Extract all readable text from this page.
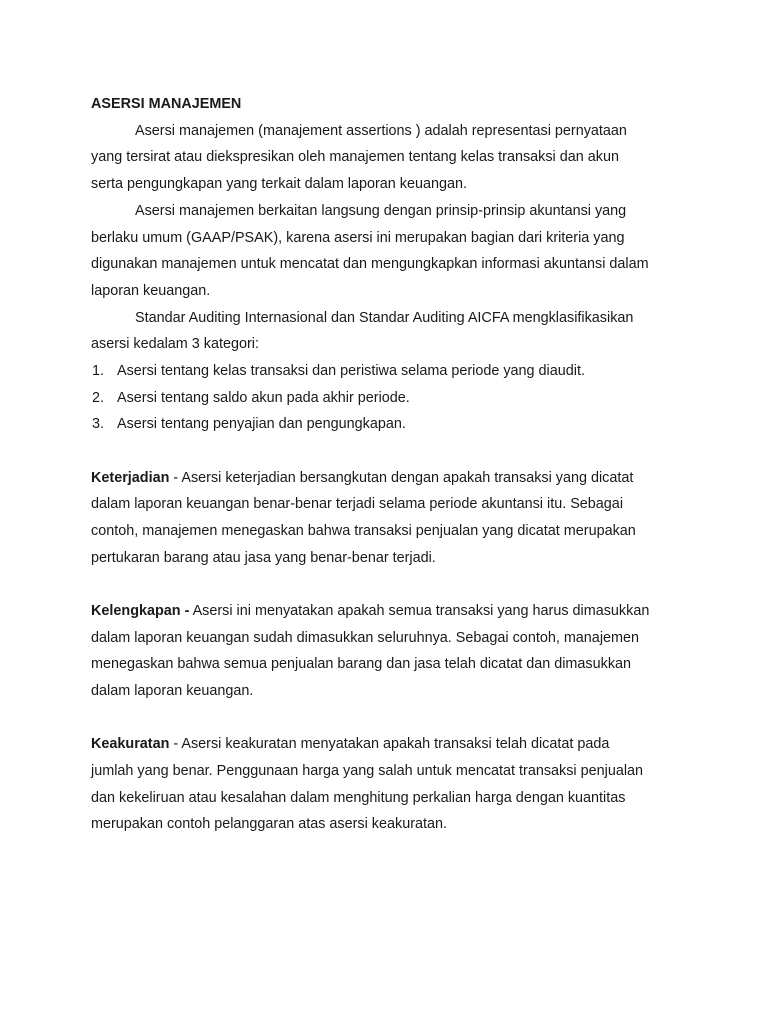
ASERSI MANAJEMEN
Asersi manajemen (manajement assertions ) adalah representasi pernyataan
yang tersirat atau diekspresikan oleh manajemen tentang kelas transaksi dan akun
serta pengungkapan yang terkait dalam laporan keuangan.
Asersi manajemen berkaitan langsung dengan prinsip-prinsip akuntansi yang
berlaku umum (GAAP/PSAK), karena asersi ini merupakan bagian dari kriteria yang
digunakan manajemen untuk mencatat dan mengungkapkan informasi akuntansi dalam
laporan keuangan.
Standar Auditing Internasional dan Standar Auditing AICFA mengklasifikasikan
asersi kedalam 3 kategori:
1. Asersi tentang kelas transaksi dan peristiwa selama periode yang diaudit.
2. Asersi tentang saldo akun pada akhir periode.
3. Asersi tentang penyajian dan pengungkapan.
Keterjadian - Asersi keterjadian bersangkutan dengan apakah transaksi yang dicatat
dalam laporan keuangan benar-benar terjadi selama periode akuntansi itu. Sebagai
contoh, manajemen menegaskan bahwa transaksi penjualan yang dicatat merupakan
pertukaran barang atau jasa yang benar-benar terjadi.
Kelengkapan - Asersi ini menyatakan apakah semua transaksi yang harus dimasukkan
dalam laporan keuangan sudah dimasukkan seluruhnya. Sebagai contoh, manajemen
menegaskan bahwa semua penjualan barang dan jasa telah dicatat dan dimasukkan
dalam laporan keuangan.
Keakuratan - Asersi keakuratan menyatakan apakah transaksi telah dicatat pada
jumlah yang benar. Penggunaan harga yang salah untuk mencatat transaksi penjualan
dan kekeliruan atau kesalahan dalam menghitung perkalian harga dengan kuantitas
merupakan contoh pelanggaran atas asersi keakuratan.
